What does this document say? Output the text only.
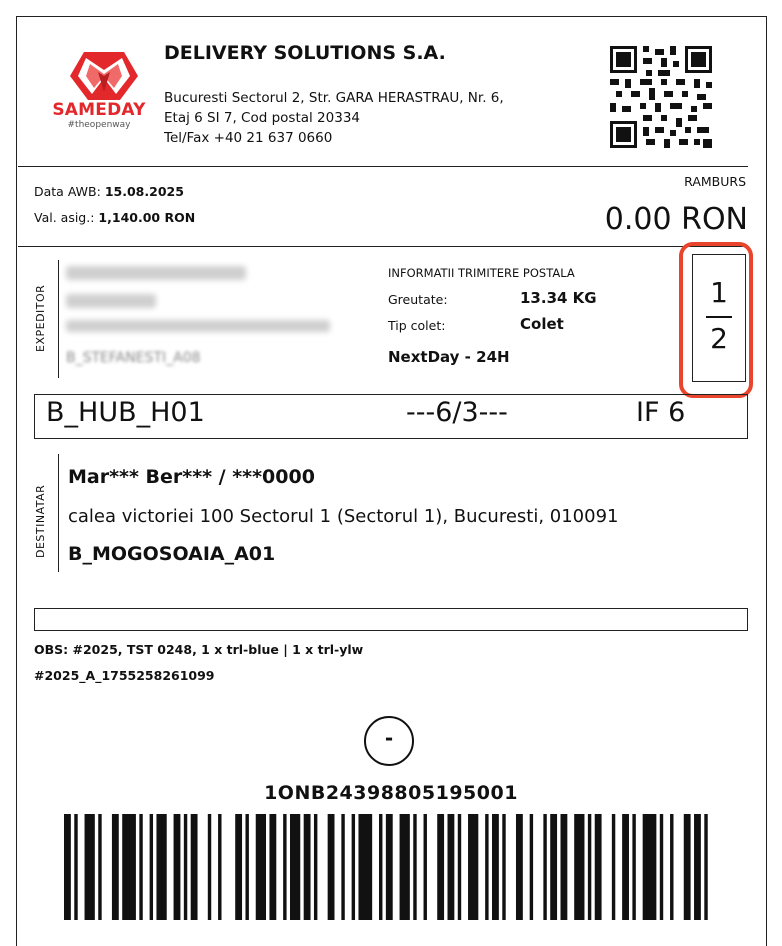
SAMEDAY
#theopenway
DELIVERY SOLUTIONS S.A.
Bucuresti Sectorul 2, Str. GARA HERASTRAU, Nr. 6,
Etaj 6 SI 7, Cod postal 20334
Tel/Fax +40 21 637 0660
Data AWB: 15.08.2025
Val. asig.: 1,140.00 RON
RAMBURS
0.00 RON
EXPEDITOR
B_STEFANESTI_A08
INFORMATII TRIMITERE POSTALA
Greutate:	13.34 KG
Tip colet:	Colet
NextDay - 24H
1
2
B_HUB_H01	---6/3---	IF 6
DESTINATAR
Mar*** Ber*** / ***0000
calea victoriei 100 Sectorul 1 (Sectorul 1), Bucuresti, 010091
B_MOGOSOAIA_A01
OBS: #2025, TST 0248, 1 x trl-blue | 1 x trl-ylw
#2025_A_1755258261099
-
1ONB24398805195001
